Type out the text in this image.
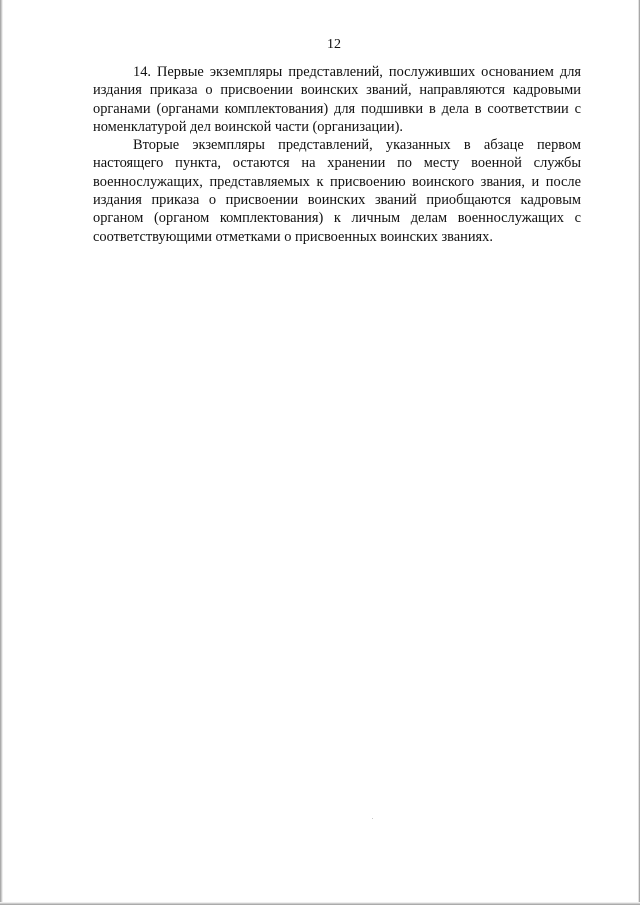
12

14. Первые экземпляры представлений, послуживших основанием для издания приказа о присвоении воинских званий, направляются кадровыми органами (органами комплектования) для подшивки в дела в соответствии с номенклатурой дел воинской части (организации).

Вторые экземпляры представлений, указанных в абзаце первом настоящего пункта, остаются на хранении по месту военной службы военнослужащих, представляемых к присвоению воинского звания, и после издания приказа о присвоении воинских званий приобщаются кадровым органом (органом комплектования) к личным делам военнослужащих с соответствующими отметками о присвоенных воинских званиях.
